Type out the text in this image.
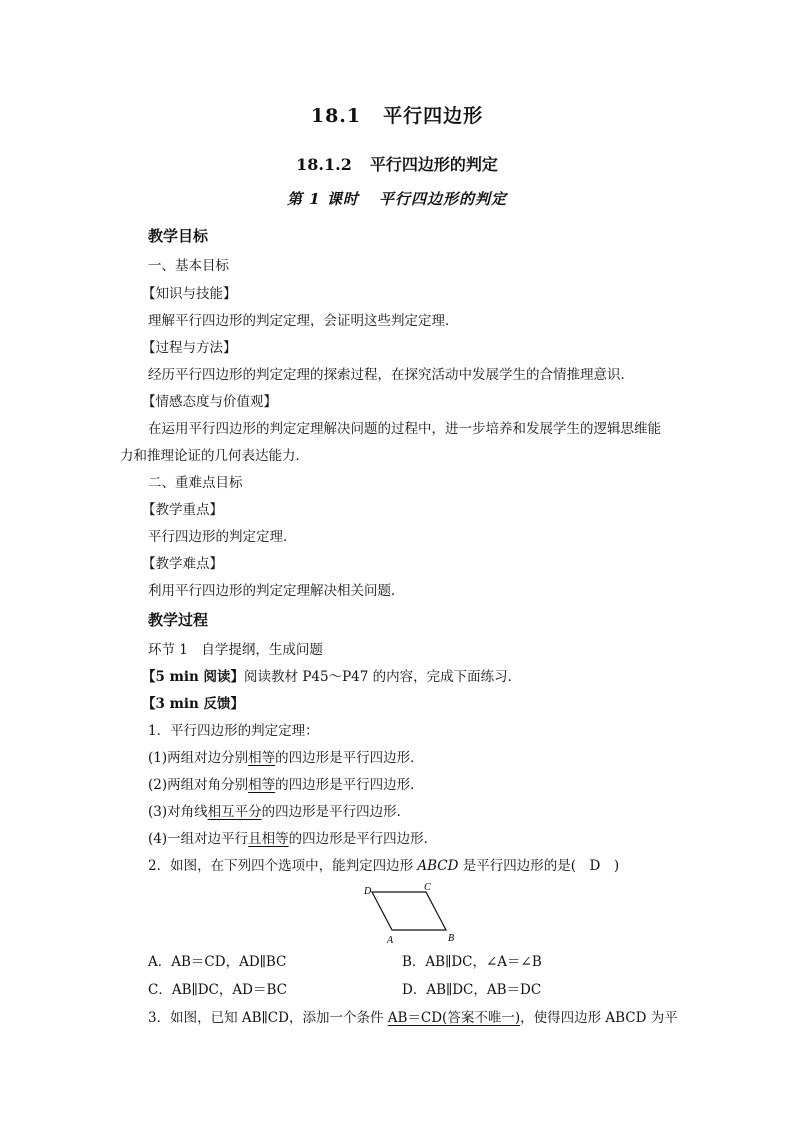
18.1 平行四边形
18.1.2 平行四边形的判定
第 1 课时 平行四边形的判定
教学目标
一、基本目标
【知识与技能】
理解平行四边形的判定定理，会证明这些判定定理．
【过程与方法】
经历平行四边形的判定定理的探索过程，在探究活动中发展学生的合情推理意识．
【情感态度与价值观】
在运用平行四边形的判定定理解决问题的过程中，进一步培养和发展学生的逻辑思维能
力和推理论证的几何表达能力．
二、重难点目标
【教学重点】
平行四边形的判定定理．
【教学难点】
利用平行四边形的判定定理解决相关问题．
教学过程
环节 1　自学提纲，生成问题
【5 min 阅读】阅读教材 P45～P47 的内容，完成下面练习．
【3 min 反馈】
1．平行四边形的判定定理：
(1)两组对边分别相等的四边形是平行四边形．
(2)两组对角分别相等的四边形是平行四边形．
(3)对角线相互平分的四边形是平行四边形．
(4)一组对边平行且相等的四边形是平行四边形．
2．如图，在下列四个选项中，能判定四边形 ABCD 是平行四边形的是(　D　)
D	C
A	B
A．AB＝CD，AD∥BC	B．AB∥DC，∠A＝∠B
C．AB∥DC，AD＝BC	D．AB∥DC，AB＝DC
3．如图，已知 AB∥CD，添加一个条件 AB＝CD(答案不唯一)，使得四边形 ABCD 为平
